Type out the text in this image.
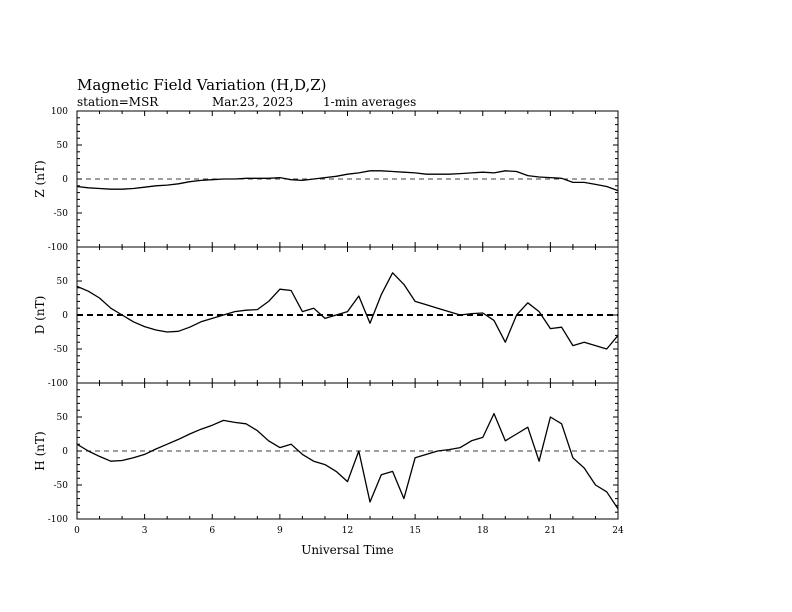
Magnetic Field Variation (H,D,Z)
station=MSR	Mar.23, 2023 1-min averages
-100
-50
0
50
100
Z (nT)
-100
-50
0
50
D (nT)
-100
-50
0
50
H (nT)
0	3	6	9	12	15	18	21	24
Universal Time
